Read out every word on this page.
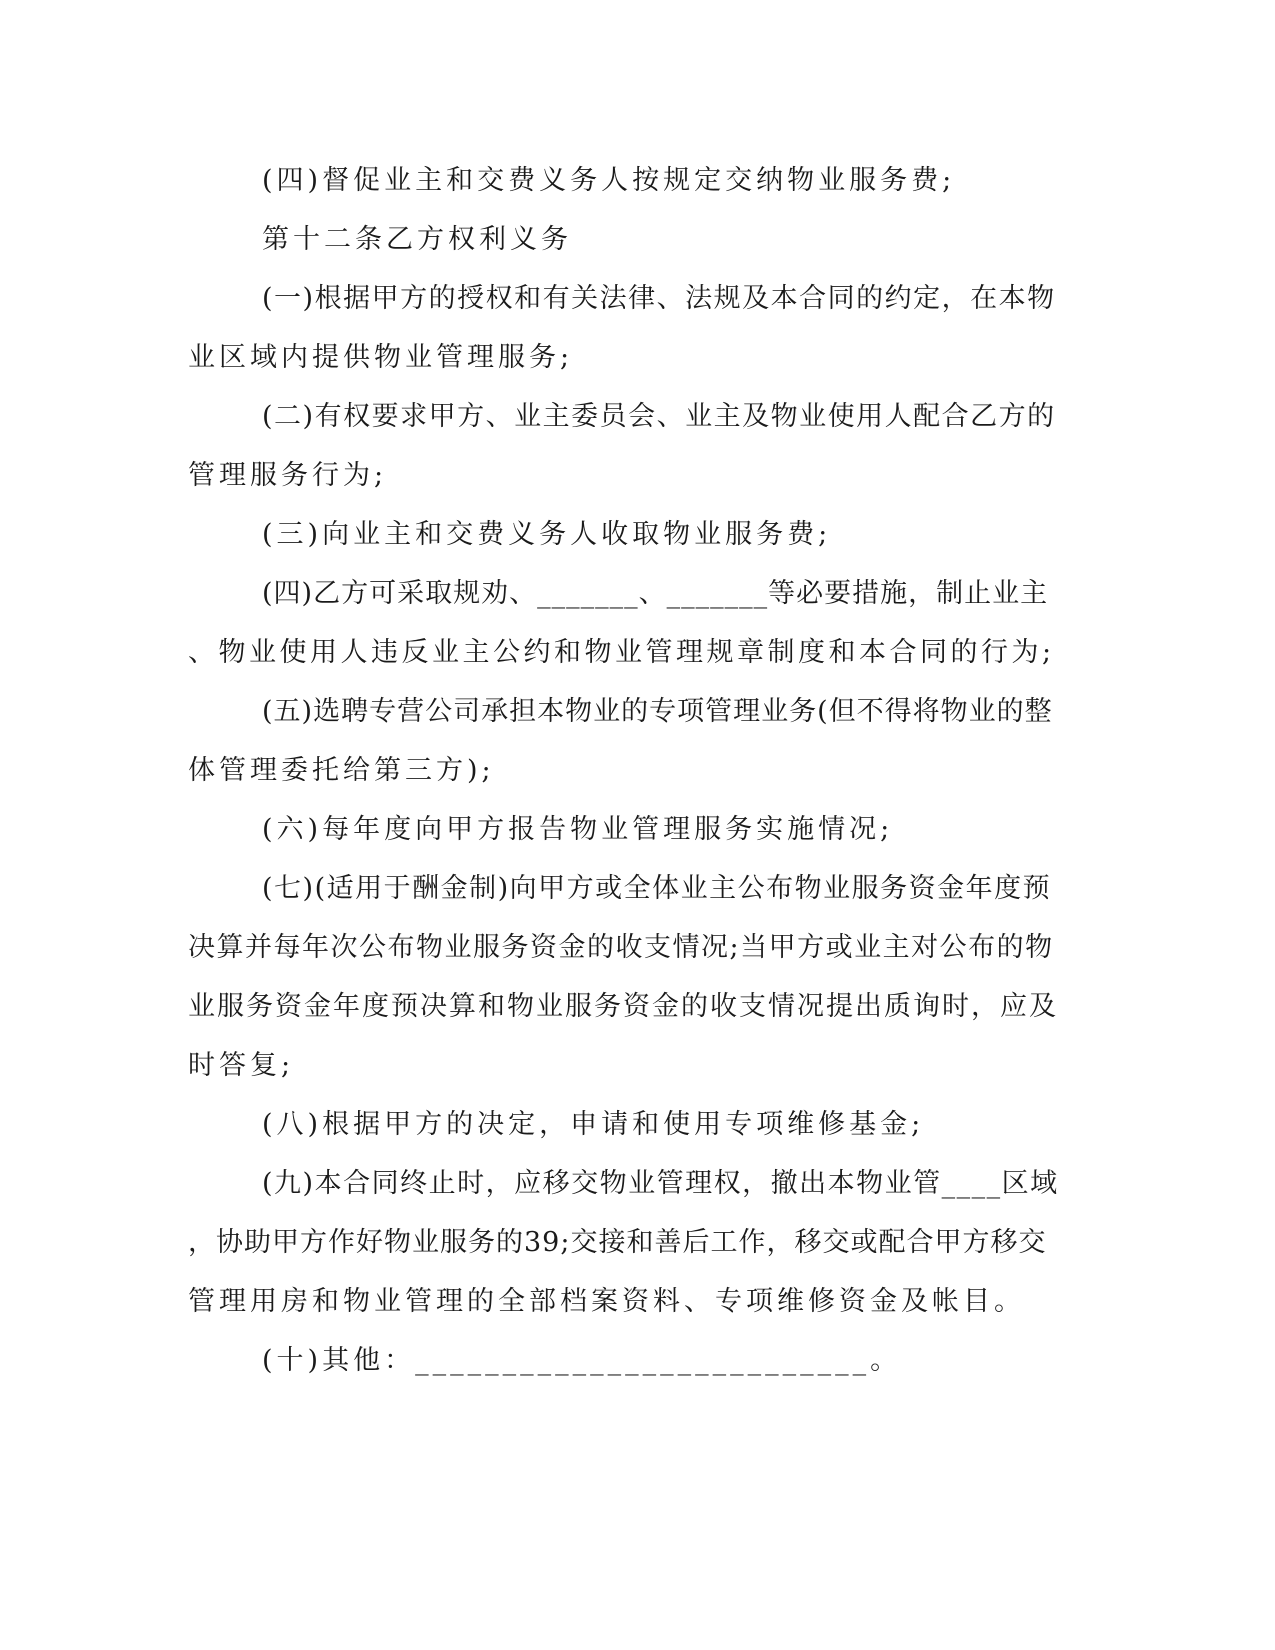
(四)督促业主和交费义务人按规定交纳物业服务费;
第十二条乙方权利义务
(一)根据甲方的授权和有关法律、法规及本合同的约定，在本物
业区域内提供物业管理服务;
(二)有权要求甲方、业主委员会、业主及物业使用人配合乙方的
管理服务行为;
(三)向业主和交费义务人收取物业服务费;
(四)乙方可采取规劝、_______、_______等必要措施，制止业主
、物业使用人违反业主公约和物业管理规章制度和本合同的行为;
(五)选聘专营公司承担本物业的专项管理业务(但不得将物业的整
体管理委托给第三方);
(六)每年度向甲方报告物业管理服务实施情况;
(七)(适用于酬金制)向甲方或全体业主公布物业服务资金年度预
决算并每年次公布物业服务资金的收支情况;当甲方或业主对公布的物
业服务资金年度预决算和物业服务资金的收支情况提出质询时，应及
时答复;
(八)根据甲方的决定，申请和使用专项维修基金;
(九)本合同终止时，应移交物业管理权，撤出本物业管____区域
，协助甲方作好物业服务的39;交接和善后工作，移交或配合甲方移交
管理用房和物业管理的全部档案资料、专项维修资金及帐目。
(十)其他：__________________________。
